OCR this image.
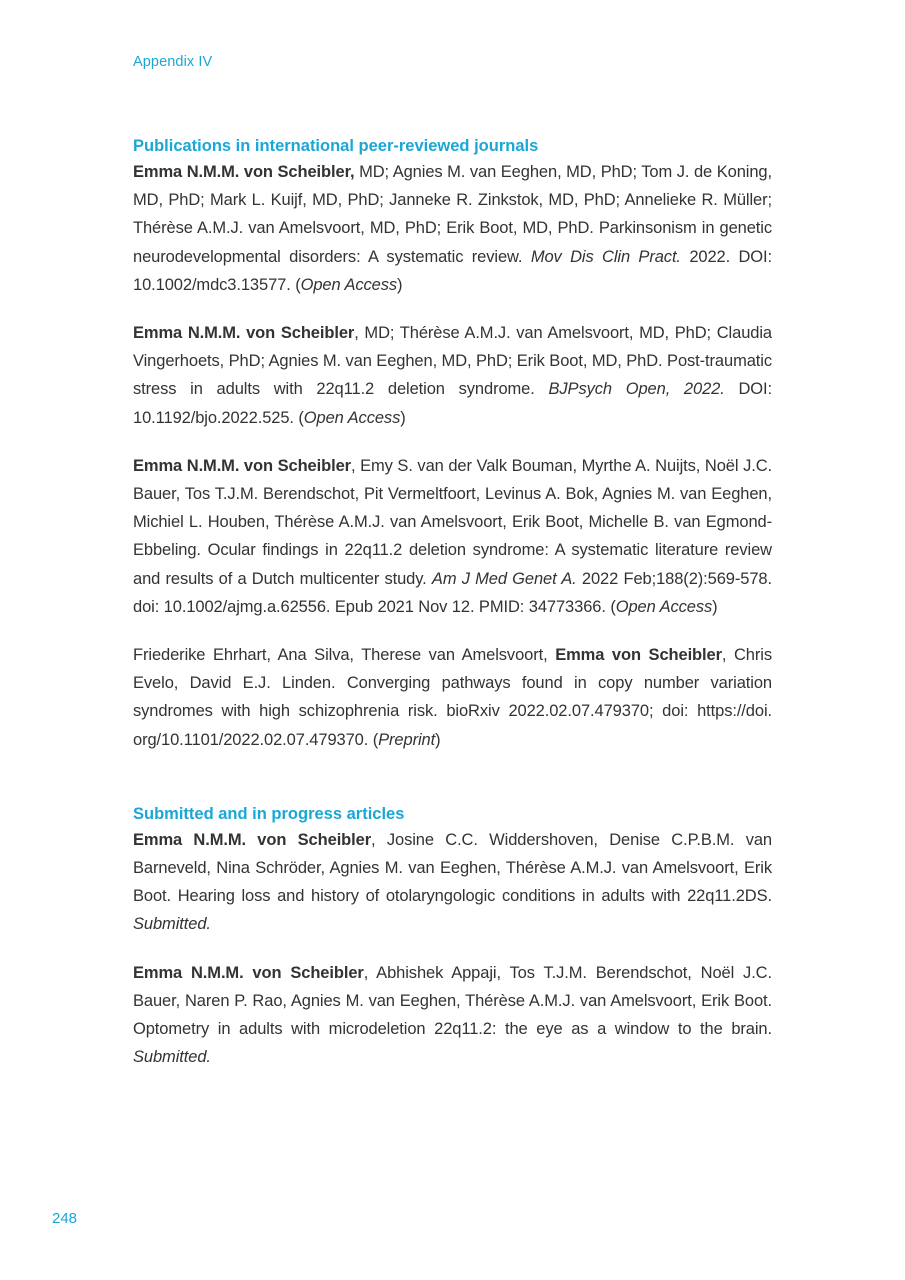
Appendix IV
Publications in international peer-reviewed journals

Emma N.M.M. von Scheibler, MD; Agnies M. van Eeghen, MD, PhD; Tom J. de Koning, MD, PhD; Mark L. Kuijf, MD, PhD; Janneke R. Zinkstok, MD, PhD; Annelieke R. Müller; Thérèse A.M.J. van Amelsvoort, MD, PhD; Erik Boot, MD, PhD. Parkinsonism in genetic neurodevelopmental disorders: A systematic review. Mov Dis Clin Pract. 2022. DOI: 10.1002/mdc3.13577. (Open Access)

Emma N.M.M. von Scheibler, MD; Thérèse A.M.J. van Amelsvoort, MD, PhD; Claudia Vingerhoets, PhD; Agnies M. van Eeghen, MD, PhD; Erik Boot, MD, PhD. Post-traumatic stress in adults with 22q11.2 deletion syndrome. BJPsych Open, 2022. DOI: 10.1192/bjo.2022.525. (Open Access)

Emma N.M.M. von Scheibler, Emy S. van der Valk Bouman, Myrthe A. Nuijts, Noël J.C. Bauer, Tos T.J.M. Berendschot, Pit Vermeltfoort, Levinus A. Bok, Agnies M. van Eeghen, Michiel L. Houben, Thérèse A.M.J. van Amelsvoort, Erik Boot, Michelle B. van Egmond-Ebbeling. Ocular findings in 22q11.2 deletion syndrome: A systematic literature review and results of a Dutch multicenter study. Am J Med Genet A. 2022 Feb;188(2):569-578. doi: 10.1002/ajmg.a.62556. Epub 2021 Nov 12. PMID: 34773366. (Open Access)

Friederike Ehrhart, Ana Silva, Therese van Amelsvoort, Emma von Scheibler, Chris Evelo, David E.J. Linden. Converging pathways found in copy number variation syndromes with high schizophrenia risk. bioRxiv 2022.02.07.479370; doi: https://doi. org/10.1101/2022.02.07.479370. (Preprint)

Submitted and in progress articles

Emma N.M.M. von Scheibler, Josine C.C. Widdershoven, Denise C.P.B.M. van Barneveld, Nina Schröder, Agnies M. van Eeghen, Thérèse A.M.J. van Amelsvoort, Erik Boot. Hearing loss and history of otolaryngologic conditions in adults with 22q11.2DS. Submitted.

Emma N.M.M. von Scheibler, Abhishek Appaji, Tos T.J.M. Berendschot, Noël J.C. Bauer, Naren P. Rao, Agnies M. van Eeghen, Thérèse A.M.J. van Amelsvoort, Erik Boot. Optometry in adults with microdeletion 22q11.2: the eye as a window to the brain. Submitted.

248
